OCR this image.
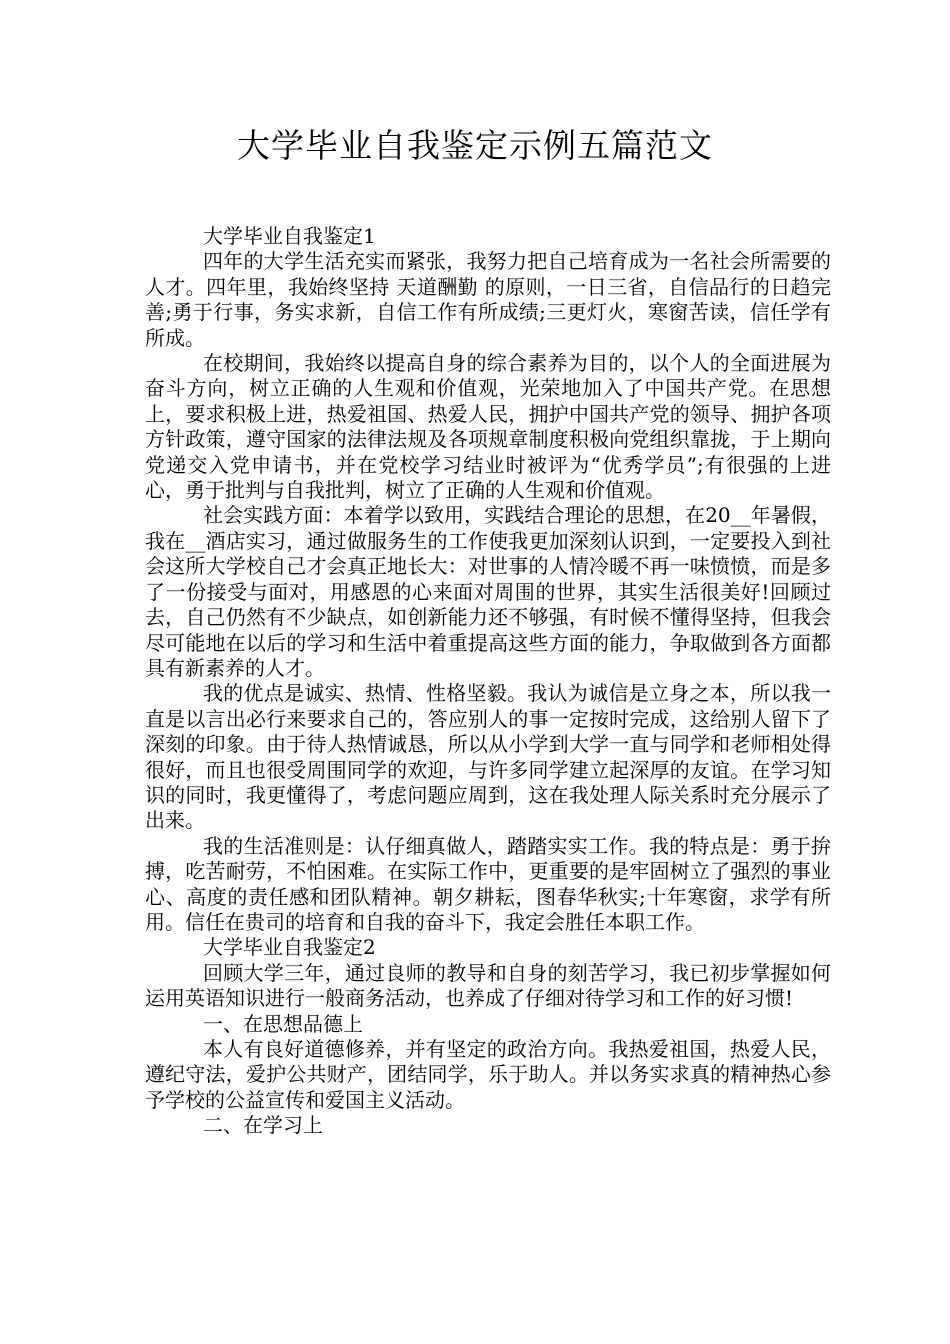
大学毕业自我鉴定示例五篇范文

大学毕业自我鉴定1

四年的大学生活充实而紧张，我努力把自己培育成为一名社会所需要的人才。四年里，我始终坚持 天道酬勤 的原则，一日三省，自信品行的日趋完善;勇于行事，务实求新，自信工作有所成绩;三更灯火，寒窗苦读，信任学有所成。

在校期间，我始终以提高自身的综合素养为目的，以个人的全面进展为奋斗方向，树立正确的人生观和价值观，光荣地加入了中国共产党。在思想上，要求积极上进，热爱祖国、热爱人民，拥护中国共产党的领导、拥护各项方针政策，遵守国家的法律法规及各项规章制度积极向党组织靠拢，于上期向党递交入党申请书，并在党校学习结业时被评为“优秀学员”;有很强的上进心，勇于批判与自我批判，树立了正确的人生观和价值观。

社会实践方面：本着学以致用，实践结合理论的思想，在20__年暑假，我在__酒店实习，通过做服务生的工作使我更加深刻认识到，一定要投入到社会这所大学校自己才会真正地长大：对世事的人情冷暖不再一味愤愤，而是多了一份接受与面对，用感恩的心来面对周围的世界，其实生活很美好!回顾过去，自己仍然有不少缺点，如创新能力还不够强，有时候不懂得坚持，但我会尽可能地在以后的学习和生活中着重提高这些方面的能力，争取做到各方面都具有新素养的人才。

我的优点是诚实、热情、性格坚毅。我认为诚信是立身之本，所以我一直是以言出必行来要求自己的，答应别人的事一定按时完成，这给别人留下了深刻的印象。由于待人热情诚恳，所以从小学到大学一直与同学和老师相处得很好，而且也很受周围同学的欢迎，与许多同学建立起深厚的友谊。在学习知识的同时，我更懂得了，考虑问题应周到，这在我处理人际关系时充分展示了出来。

我的生活准则是：认仔细真做人，踏踏实实工作。我的特点是：勇于拚搏，吃苦耐劳，不怕困难。在实际工作中，更重要的是牢固树立了强烈的事业心、高度的责任感和团队精神。朝夕耕耘，图春华秋实;十年寒窗，求学有所用。信任在贵司的培育和自我的奋斗下，我定会胜任本职工作。

大学毕业自我鉴定2

回顾大学三年，通过良师的教导和自身的刻苦学习，我已初步掌握如何运用英语知识进行一般商务活动，也养成了仔细对待学习和工作的好习惯!

一、在思想品德上

本人有良好道德修养，并有坚定的政治方向。我热爱祖国，热爱人民，遵纪守法，爱护公共财产，团结同学，乐于助人。并以务实求真的精神热心参予学校的公益宣传和爱国主义活动。

二、在学习上
